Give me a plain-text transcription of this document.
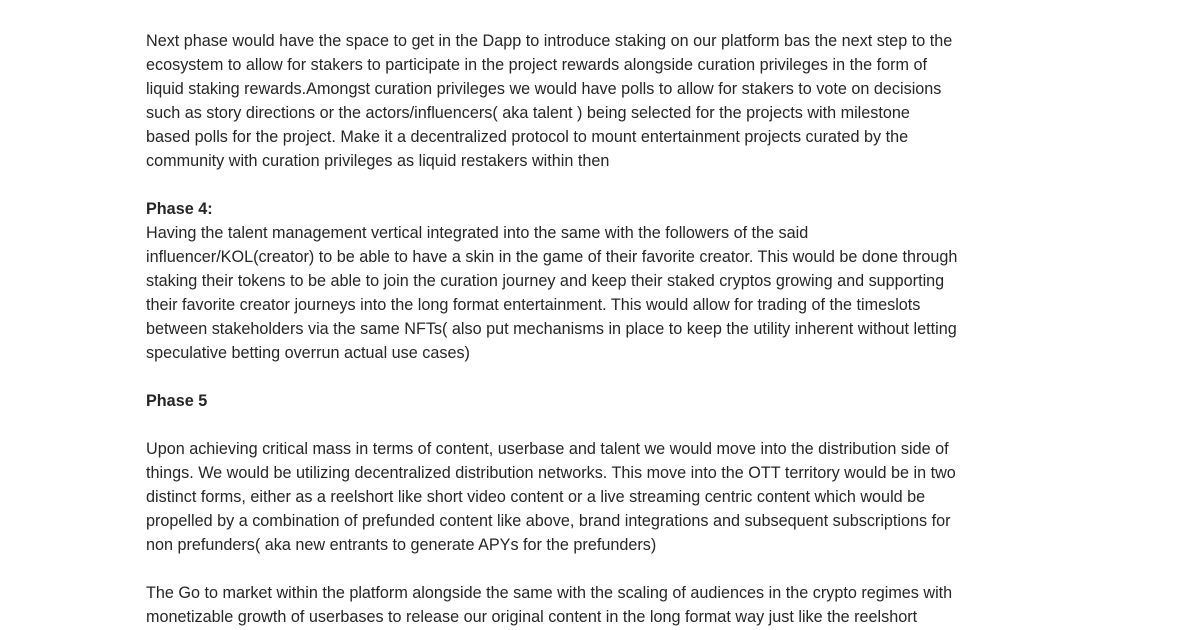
Next phase would have the space to get in the Dapp to introduce staking on our platform bas the next step to the
ecosystem to allow for stakers to participate in the project rewards alongside curation privileges in the form of
liquid staking rewards.Amongst curation privileges we would have polls to allow for stakers to vote on decisions
such as story directions or the actors/influencers( aka talent ) being selected for the projects with milestone
based polls for the project. Make it a decentralized protocol to mount entertainment projects curated by the
community with curation privileges as liquid restakers within then
Phase 4:
Having the talent management vertical integrated into the same with the followers of the said
influencer/KOL(creator) to be able to have a skin in the game of their favorite creator. This would be done through
staking their tokens to be able to join the curation journey and keep their staked cryptos growing and supporting
their favorite creator journeys into the long format entertainment. This would allow for trading of the timeslots
between stakeholders via the same NFTs( also put mechanisms in place to keep the utility inherent without letting
speculative betting overrun actual use cases)
Phase 5
Upon achieving critical mass in terms of content, userbase and talent we would move into the distribution side of
things. We would be utilizing decentralized distribution networks. This move into the OTT territory would be in two
distinct forms, either as a reelshort like short video content or a live streaming centric content which would be
propelled by a combination of prefunded content like above, brand integrations and subsequent subscriptions for
non prefunders( aka new entrants to generate APYs for the prefunders)
The Go to market within the platform alongside the same with the scaling of audiences in the crypto regimes with
monetizable growth of userbases to release our original content in the long format way just like the reelshort
